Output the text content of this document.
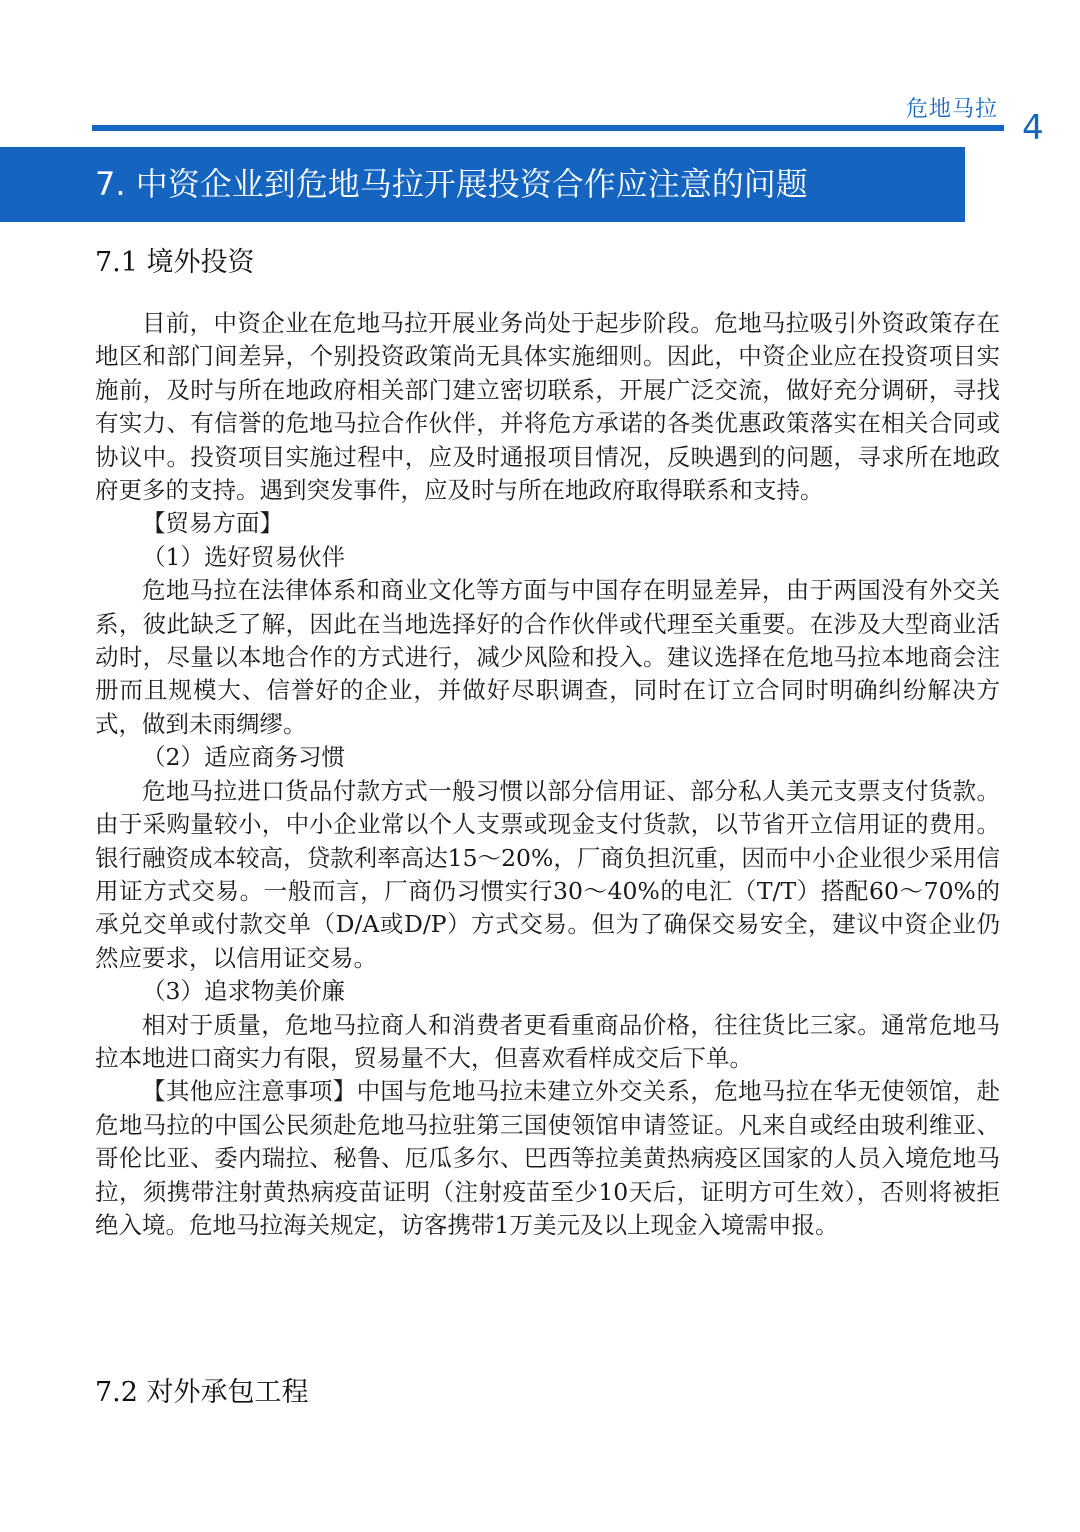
危地马拉 4
7. 中资企业到危地马拉开展投资合作应注意的问题
7.1 境外投资

目前，中资企业在危地马拉开展业务尚处于起步阶段。危地马拉吸引外资政策存在地区和部门间差异，个别投资政策尚无具体实施细则。因此，中资企业应在投资项目实施前，及时与所在地政府相关部门建立密切联系，开展广泛交流，做好充分调研，寻找有实力、有信誉的危地马拉合作伙伴，并将危方承诺的各类优惠政策落实在相关合同或协议中。投资项目实施过程中，应及时通报项目情况，反映遇到的问题，寻求所在地政府更多的支持。遇到突发事件，应及时与所在地政府取得联系和支持。

【贸易方面】

（1）选好贸易伙伴

危地马拉在法律体系和商业文化等方面与中国存在明显差异，由于两国没有外交关系，彼此缺乏了解，因此在当地选择好的合作伙伴或代理至关重要。在涉及大型商业活动时，尽量以本地合作的方式进行，减少风险和投入。建议选择在危地马拉本地商会注册而且规模大、信誉好的企业，并做好尽职调查，同时在订立合同时明确纠纷解决方式，做到未雨绸缪。

（2）适应商务习惯

危地马拉进口货品付款方式一般习惯以部分信用证、部分私人美元支票支付货款。由于采购量较小，中小企业常以个人支票或现金支付货款，以节省开立信用证的费用。银行融资成本较高，贷款利率高达15～20%，厂商负担沉重，因而中小企业很少采用信用证方式交易。一般而言，厂商仍习惯实行30～40%的电汇（T/T）搭配60～70%的承兑交单或付款交单（D/A或D/P）方式交易。但为了确保交易安全，建议中资企业仍然应要求，以信用证交易。

（3）追求物美价廉

相对于质量，危地马拉商人和消费者更看重商品价格，往往货比三家。通常危地马拉本地进口商实力有限，贸易量不大，但喜欢看样成交后下单。

【其他应注意事项】中国与危地马拉未建立外交关系，危地马拉在华无使领馆，赴危地马拉的中国公民须赴危地马拉驻第三国使领馆申请签证。凡来自或经由玻利维亚、哥伦比亚、委内瑞拉、秘鲁、厄瓜多尔、巴西等拉美黄热病疫区国家的人员入境危地马拉，须携带注射黄热病疫苗证明（注射疫苗至少10天后，证明方可生效），否则将被拒绝入境。危地马拉海关规定，访客携带1万美元及以上现金入境需申报。

7.2 对外承包工程
